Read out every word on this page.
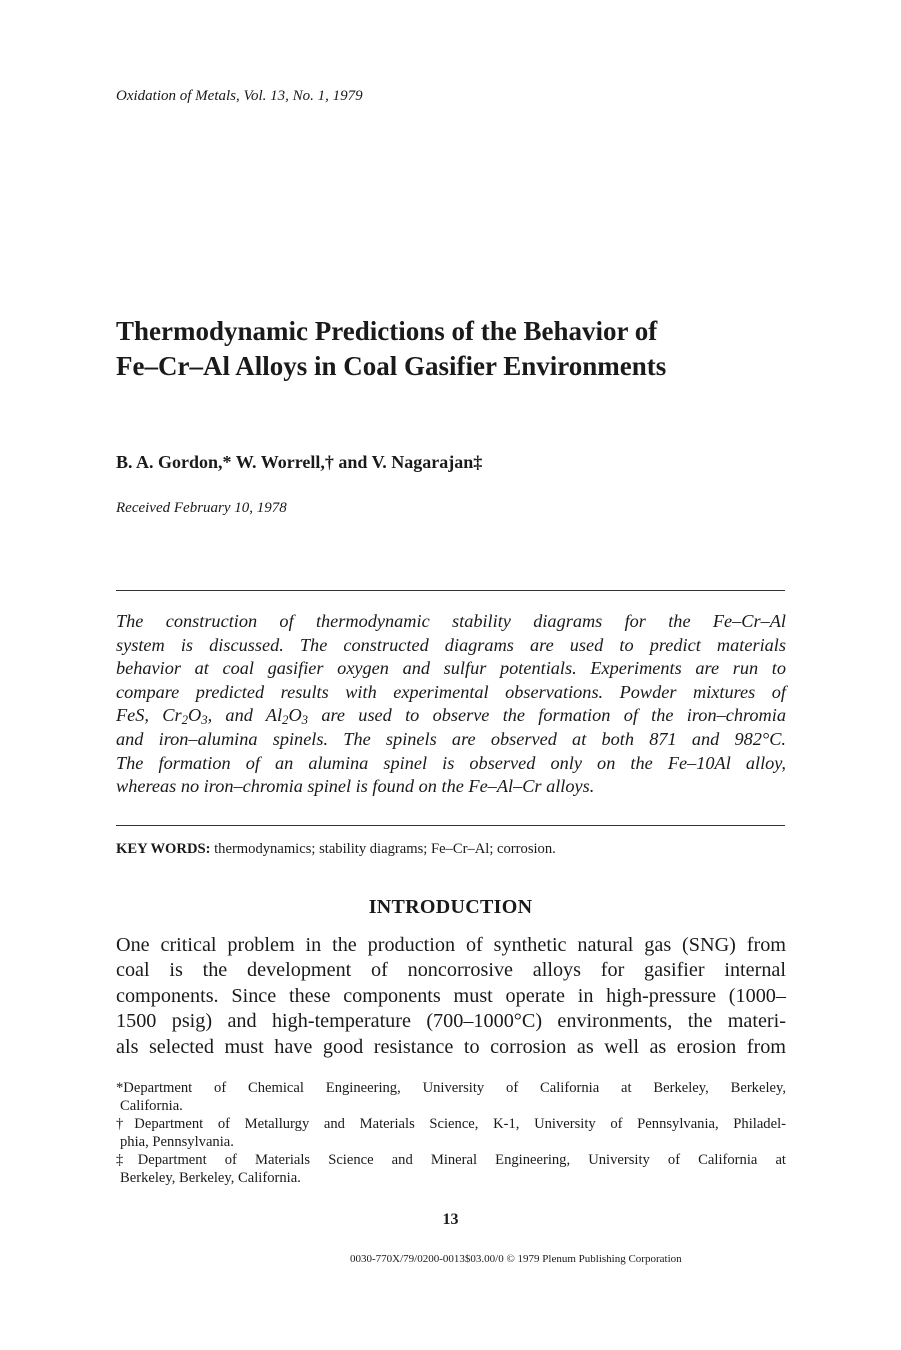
Oxidation of Metals, Vol. 13, No. 1, 1979
Thermodynamic Predictions of the Behavior of
Fe–Cr–Al Alloys in Coal Gasifier Environments
B. A. Gordon,* W. Worrell,† and V. Nagarajan‡
Received February 10, 1978
The construction of thermodynamic stability diagrams for the Fe–Cr–Al
system is discussed. The constructed diagrams are used to predict materials
behavior at coal gasifier oxygen and sulfur potentials. Experiments are run to
compare predicted results with experimental observations. Powder mixtures of
FeS, $Cr_2O_3$, and $Al_2O_3$ are used to observe the formation of the iron–chromia
and iron–alumina spinels. The spinels are observed at both 871 and 982°C.
The formation of an alumina spinel is observed only on the Fe–10Al alloy,
whereas no iron–chromia spinel is found on the Fe–Al–Cr alloys.
KEY WORDS: thermodynamics; stability diagrams; Fe–Cr–Al; corrosion.
INTRODUCTION
One critical problem in the production of synthetic natural gas (SNG) from
coal is the development of noncorrosive alloys for gasifier internal
components. Since these components must operate in high-pressure (1000–
1500 psig) and high-temperature (700–1000°C) environments, the materi-
als selected must have good resistance to corrosion as well as erosion from
*Department of Chemical Engineering, University of California at Berkeley, Berkeley,
California.
†Department of Metallurgy and Materials Science, K-1, University of Pennsylvania, Philadel-
phia, Pennsylvania.
‡Department of Materials Science and Mineral Engineering, University of California at
Berkeley, Berkeley, California.
13
0030-770X/79/0200-0013$03.00/0 © 1979 Plenum Publishing Corporation
